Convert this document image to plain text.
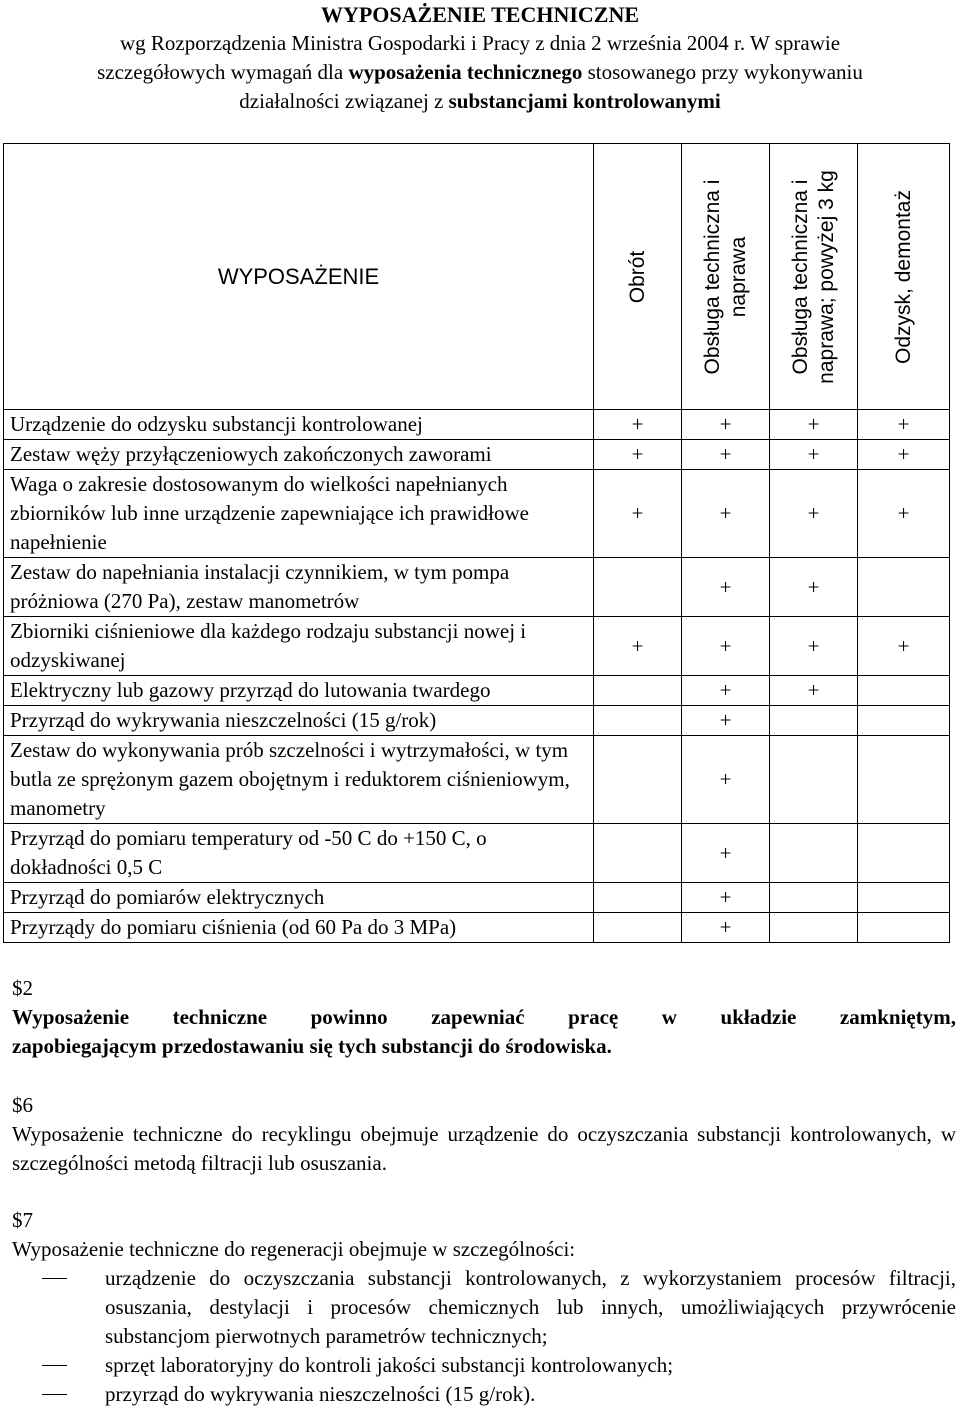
WYPOSAŻENIE TECHNICZNE
wg Rozporządzenia Ministra Gospodarki i Pracy z dnia 2 września 2004 r. W sprawie
szczegółowych wymagań dla wyposażenia technicznego stosowanego przy wykonywaniu
działalności związanej z substancjami kontrolowanymi
WYPOSAŻENIE	Obrót	Obsługa techniczna i naprawa	Obsługa techniczna i naprawa; powyżej 3 kg	Odzysk, demontaż

Urządzenie do odzysku substancji kontrolowanej	+	+	+	+
Zestaw węży przyłączeniowych zakończonych zaworami	+	+	+	+
Waga o zakresie dostosowanym do wielkości napełnianych zbiorników lub inne urządzenie zapewniające ich prawidłowe napełnienie	+	+	+	+
Zestaw do napełniania instalacji czynnikiem, w tym pompa próżniowa (270 Pa), zestaw manometrów		+	+	
Zbiorniki ciśnieniowe dla każdego rodzaju substancji nowej i odzyskiwanej	+	+	+	+
Elektryczny lub gazowy przyrząd do lutowania twardego		+	+	
Przyrząd do wykrywania nieszczelności (15 g/rok)		+		
Zestaw do wykonywania prób szczelności i wytrzymałości, w tym butla ze sprężonym gazem obojętnym i reduktorem ciśnieniowym, manometry		+		
Przyrząd do pomiaru temperatury od -50 C do +150 C, o dokładności 0,5 C		+		
Przyrząd do pomiarów elektrycznych		+		
Przyrządy do pomiaru ciśnienia (od 60 Pa do 3 MPa)		+		
$2
Wyposażenie techniczne powinno zapewniać pracę w układzie zamkniętym,
zapobiegającym przedostawaniu się tych substancji do środowiska.
$6
Wyposażenie techniczne do recyklingu obejmuje urządzenie do oczyszczania substancji kontrolowanych, w szczególności metodą filtracji lub osuszania.
$7
Wyposażenie techniczne do regeneracji obejmuje w szczególności:
urządzenie do oczyszczania substancji kontrolowanych, z wykorzystaniem procesów filtracji, osuszania, destylacji i procesów chemicznych lub innych, umożliwiających przywrócenie substancjom pierwotnych parametrów technicznych;
sprzęt laboratoryjny do kontroli jakości substancji kontrolowanych;
przyrząd do wykrywania nieszczelności (15 g/rok).
